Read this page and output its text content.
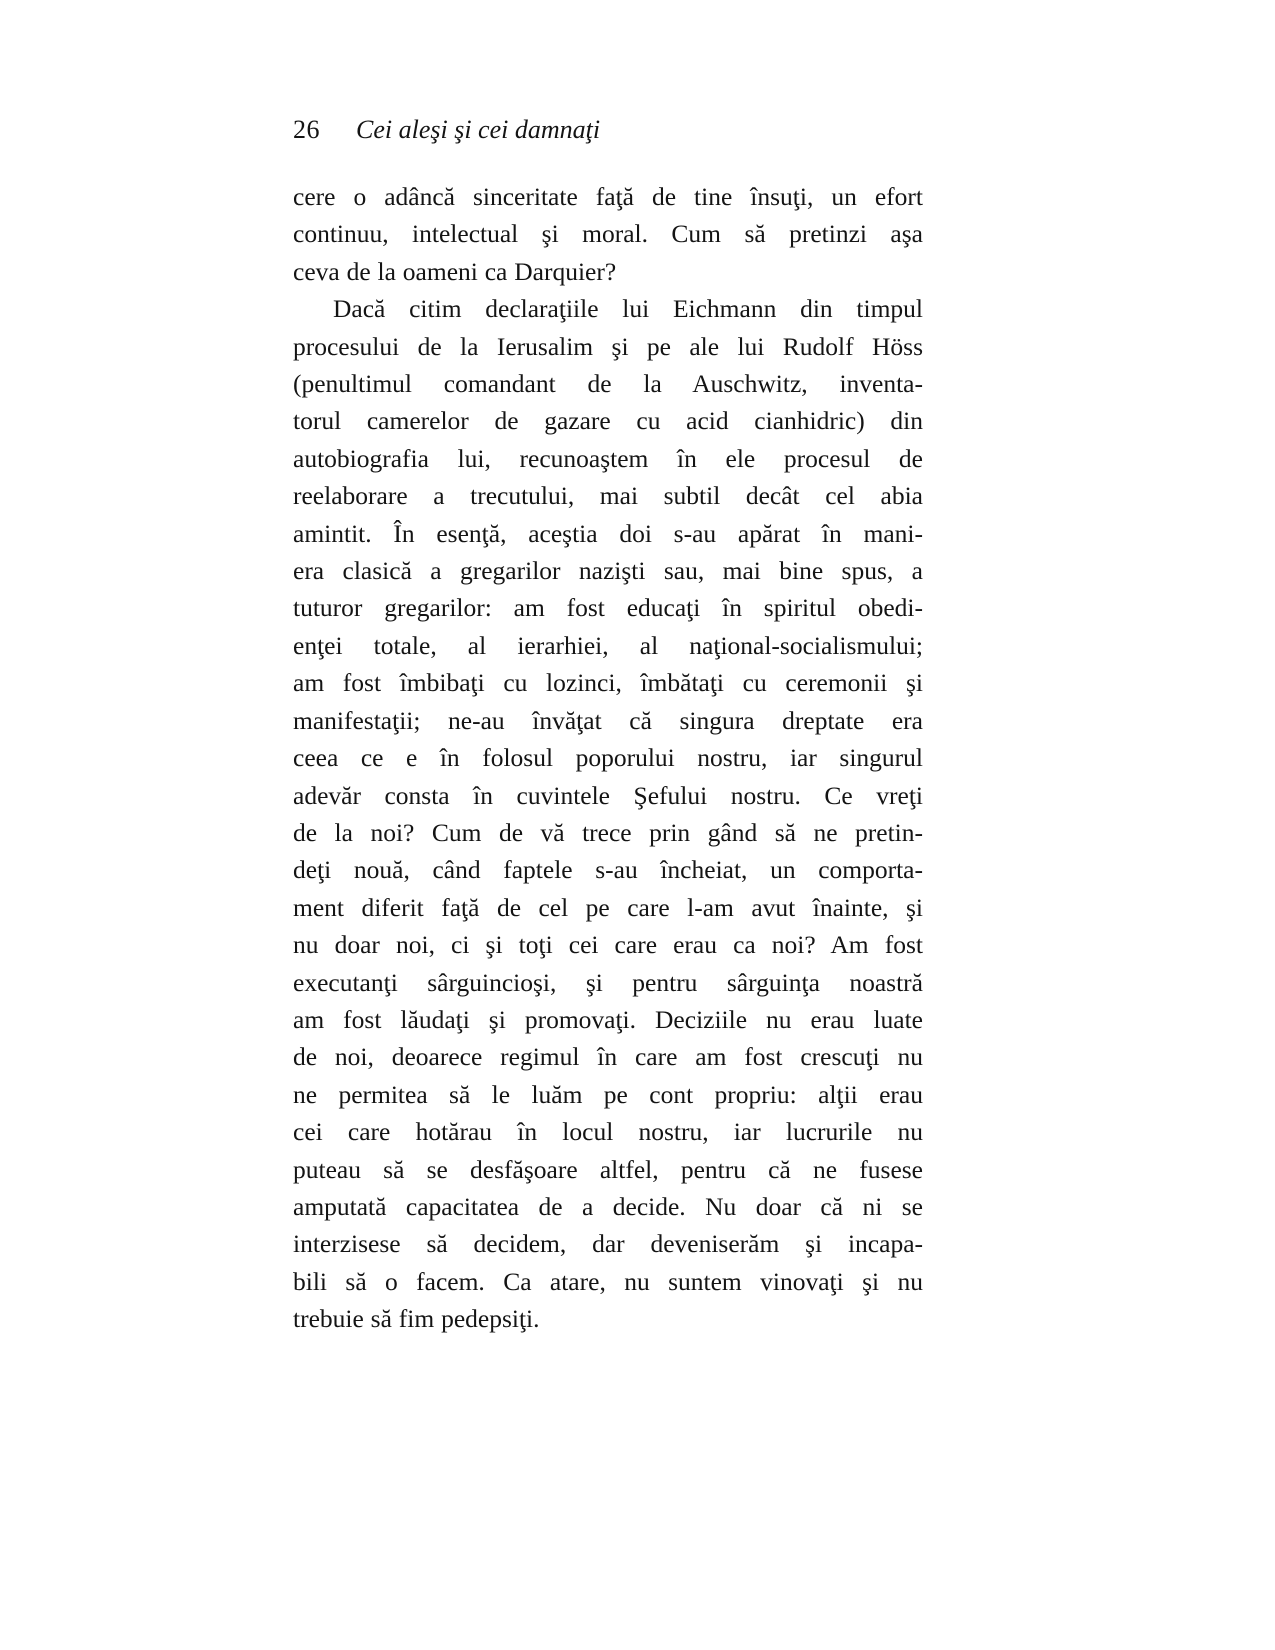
26 Cei aleşi şi cei damnaţi
cere o adâncă sinceritate faţă de tine însuţi, un efort
continuu, intelectual şi moral. Cum să pretinzi aşa
ceva de la oameni ca Darquier?
Dacă citim declaraţiile lui Eichmann din timpul
procesului de la Ierusalim şi pe ale lui Rudolf Höss
(penultimul comandant de la Auschwitz, inventa-
torul camerelor de gazare cu acid cianhidric) din
autobiografia lui, recunoaştem în ele procesul de
reelaborare a trecutului, mai subtil decât cel abia
amintit. În esenţă, aceştia doi s-au apărat în mani-
era clasică a gregarilor nazişti sau, mai bine spus, a
tuturor gregarilor: am fost educaţi în spiritul obedi-
enţei totale, al ierarhiei, al naţional-socialismului;
am fost îmbibaţi cu lozinci, îmbătaţi cu ceremonii şi
manifestaţii; ne-au învăţat că singura dreptate era
ceea ce e în folosul poporului nostru, iar singurul
adevăr consta în cuvintele Şefului nostru. Ce vreţi
de la noi? Cum de vă trece prin gând să ne pretin-
deţi nouă, când faptele s-au încheiat, un comporta-
ment diferit faţă de cel pe care l-am avut înainte, şi
nu doar noi, ci şi toţi cei care erau ca noi? Am fost
executanţi sârguincioşi, şi pentru sârguinţa noastră
am fost lăudaţi şi promovaţi. Deciziile nu erau luate
de noi, deoarece regimul în care am fost crescuţi nu
ne permitea să le luăm pe cont propriu: alţii erau
cei care hotărau în locul nostru, iar lucrurile nu
puteau să se desfăşoare altfel, pentru că ne fusese
amputată capacitatea de a decide. Nu doar că ni se
interzisese să decidem, dar deveniserăm şi incapa-
bili să o facem. Ca atare, nu suntem vinovaţi şi nu
trebuie să fim pedepsiţi.
